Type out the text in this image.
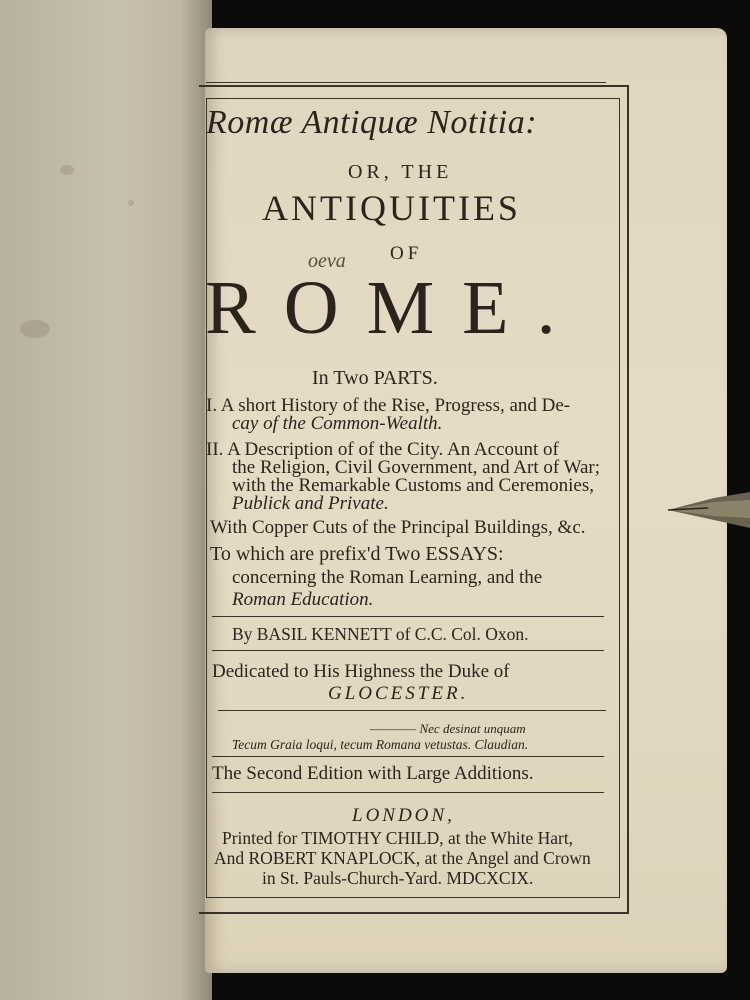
Romæ Antiquæ Notitia:
OR, THE
ANTIQUITIES
oeva OF
ROME.
In Two PARTS.
I. A short History of the Rise, Progress, and De-
cay of the Common-Wealth.
II. A Description of of the City. An Account of
the Religion, Civil Government, and Art of War;
with the Remarkable Customs and Ceremonies,
Publick and Private.
With Copper Cuts of the Principal Buildings, &c.
To which are prefix'd Two ESSAYS:
concerning the Roman Learning, and the
Roman Education.
By BASIL KENNETT of C.C. Col. Oxon.
Dedicated to His Highness the Duke of
GLOCESTER.
———— Nec desinat unquam
Tecum Graia loqui, tecum Romana vetustas. Claudian.
The Second Edition with Large Additions.
LONDON,
Printed for TIMOTHY CHILD, at the White Hart,
And ROBERT KNAPLOCK, at the Angel and Crown
in St. Pauls-Church-Yard. MDCXCIX.
